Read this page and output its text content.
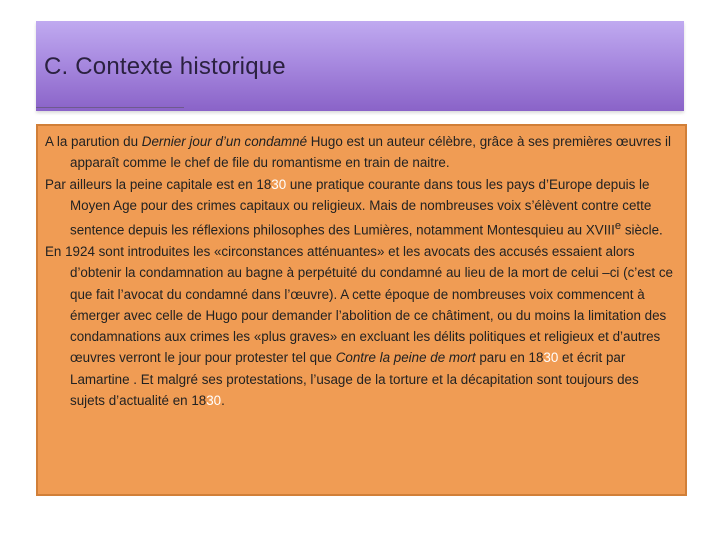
C. Contexte historique

A la parution du Dernier jour d’un condamné Hugo est un auteur célèbre, grâce à ses premières œuvres il apparaît comme le chef de file du romantisme en train de naitre.

Par ailleurs la peine capitale est en 1830 une pratique courante dans tous les pays d’Europe depuis le Moyen Age pour des crimes capitaux ou religieux. Mais de nombreuses voix s’élèvent contre cette sentence depuis les réflexions philosophes des Lumières, notamment Montesquieu au XVIIIe siècle.

En 1924 sont introduites les «circonstances atténuantes» et les avocats des accusés essaient alors d’obtenir la condamnation au bagne à perpétuité du condamné au lieu de la mort de celui –ci (c’est ce que fait l’avocat du condamné dans l’œuvre). A cette époque de nombreuses voix commencent à émerger avec celle de Hugo pour demander l’abolition de ce châtiment, ou du moins la limitation des condamnations aux crimes les «plus graves» en excluant les délits politiques et religieux et d’autres œuvres verront le jour pour protester tel que Contre la peine de mort paru en 1830 et écrit par Lamartine . Et malgré ses protestations, l’usage de la torture et la décapitation sont toujours des sujets d’actualité en 1830.
